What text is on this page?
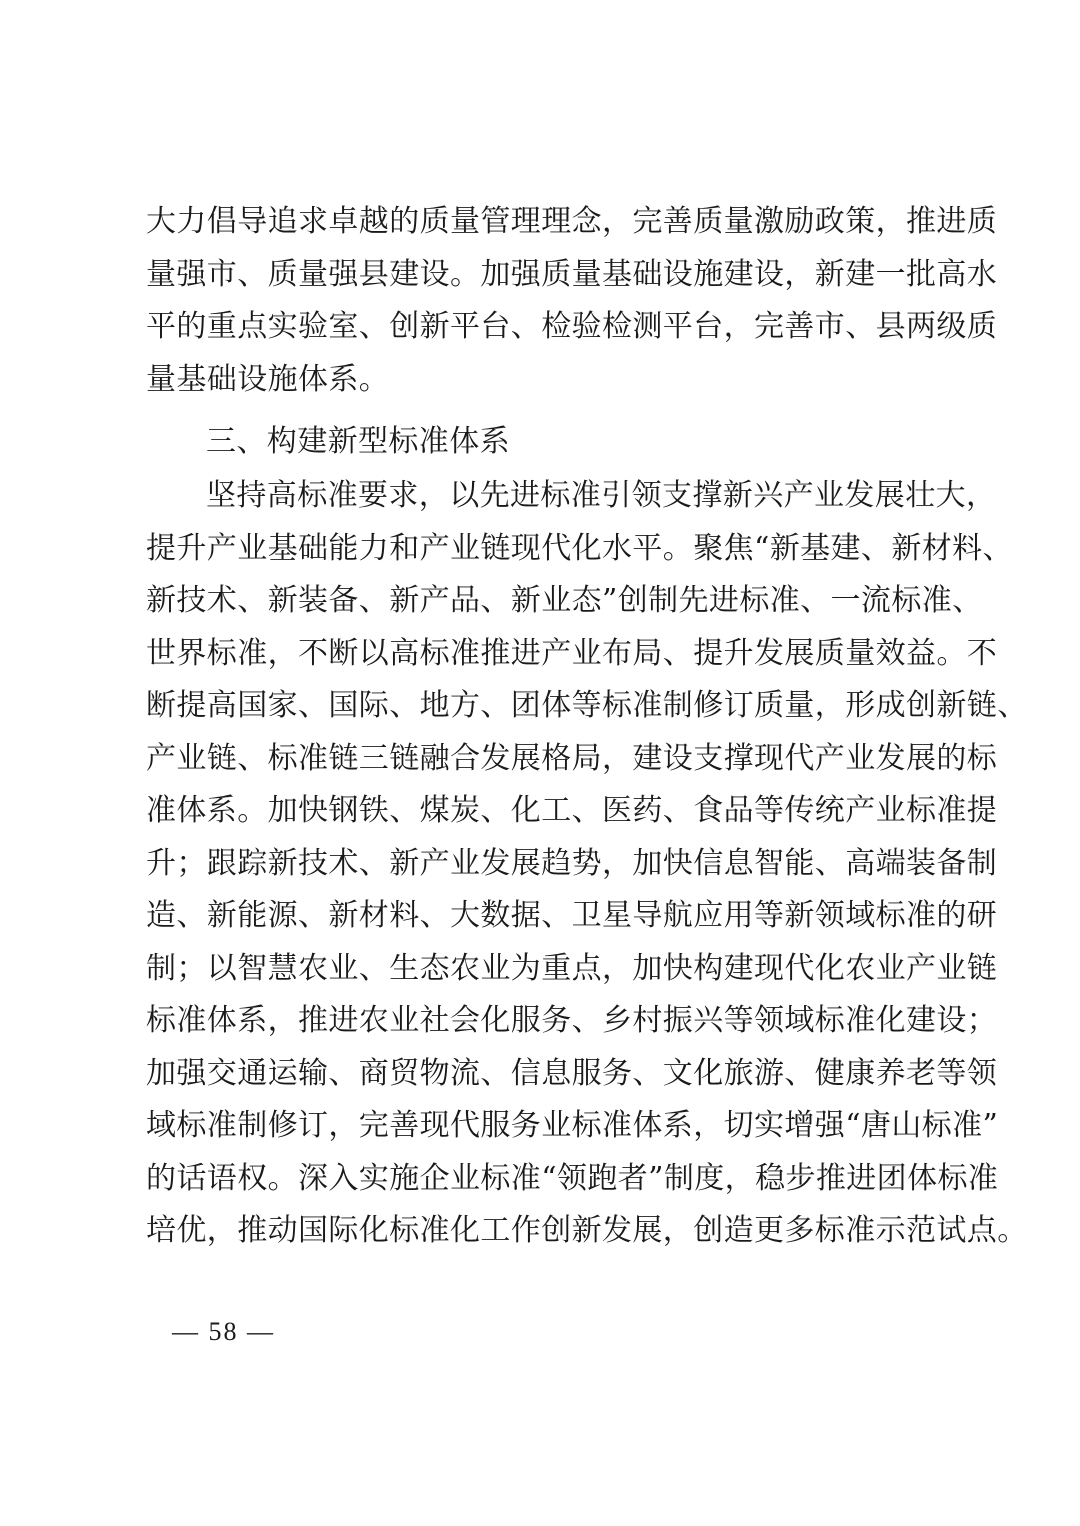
大力倡导追求卓越的质量管理理念，完善质量激励政策，推进质
量强市、质量强县建设。加强质量基础设施建设，新建一批高水
平的重点实验室、创新平台、检验检测平台，完善市、县两级质
量基础设施体系。
三、构建新型标准体系
坚持高标准要求，以先进标准引领支撑新兴产业发展壮大，
提升产业基础能力和产业链现代化水平。聚焦“新基建、新材料、
新技术、新装备、新产品、新业态”创制先进标准、一流标准、
世界标准，不断以高标准推进产业布局、提升发展质量效益。不
断提高国家、国际、地方、团体等标准制修订质量，形成创新链、
产业链、标准链三链融合发展格局，建设支撑现代产业发展的标
准体系。加快钢铁、煤炭、化工、医药、食品等传统产业标准提
升；跟踪新技术、新产业发展趋势，加快信息智能、高端装备制
造、新能源、新材料、大数据、卫星导航应用等新领域标准的研
制；以智慧农业、生态农业为重点，加快构建现代化农业产业链
标准体系，推进农业社会化服务、乡村振兴等领域标准化建设；
加强交通运输、商贸物流、信息服务、文化旅游、健康养老等领
域标准制修订，完善现代服务业标准体系，切实增强“唐山标准”
的话语权。深入实施企业标准“领跑者”制度，稳步推进团体标准
培优，推动国际化标准化工作创新发展，创造更多标准示范试点。
— 58 —
